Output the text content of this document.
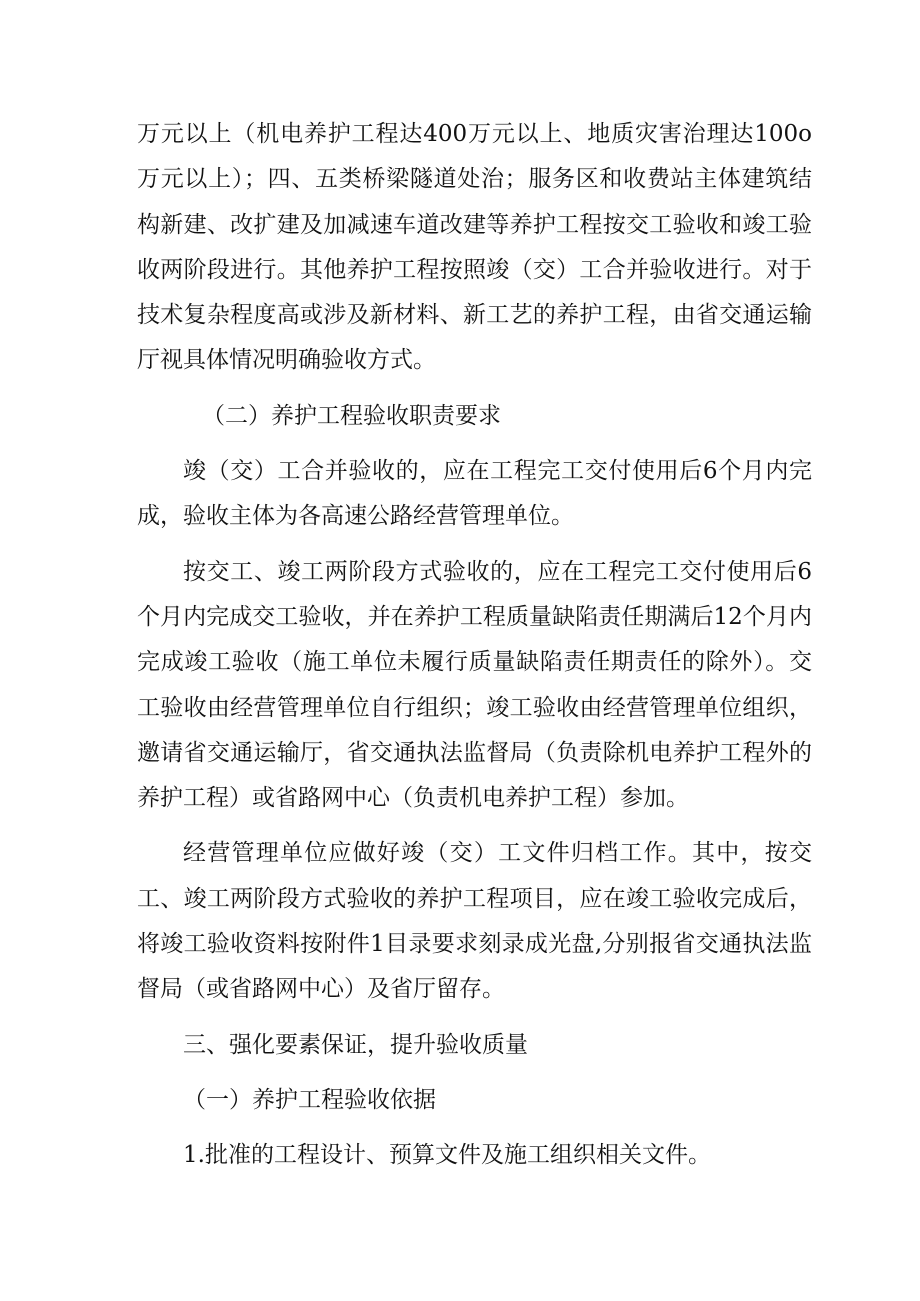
万元以上（机电养护工程达400万元以上、地质灾害治理达100o万元以上）；四、五类桥梁隧道处治；服务区和收费站主体建筑结构新建、改扩建及加减速车道改建等养护工程按交工验收和竣工验收两阶段进行。其他养护工程按照竣（交）工合并验收进行。对于技术复杂程度高或涉及新材料、新工艺的养护工程，由省交通运输厅视具体情况明确验收方式。

（二）养护工程验收职责要求

竣（交）工合并验收的，应在工程完工交付使用后6个月内完成，验收主体为各高速公路经营管理单位。

按交工、竣工两阶段方式验收的，应在工程完工交付使用后6个月内完成交工验收，并在养护工程质量缺陷责任期满后12个月内完成竣工验收（施工单位未履行质量缺陷责任期责任的除外）。交工验收由经营管理单位自行组织；竣工验收由经营管理单位组织，邀请省交通运输厅，省交通执法监督局（负责除机电养护工程外的养护工程）或省路网中心（负责机电养护工程）参加。

经营管理单位应做好竣（交）工文件归档工作。其中，按交工、竣工两阶段方式验收的养护工程项目，应在竣工验收完成后，将竣工验收资料按附件1目录要求刻录成光盘,分别报省交通执法监督局（或省路网中心）及省厅留存。

三、强化要素保证，提升验收质量

（一）养护工程验收依据

1.批准的工程设计、预算文件及施工组织相关文件。
